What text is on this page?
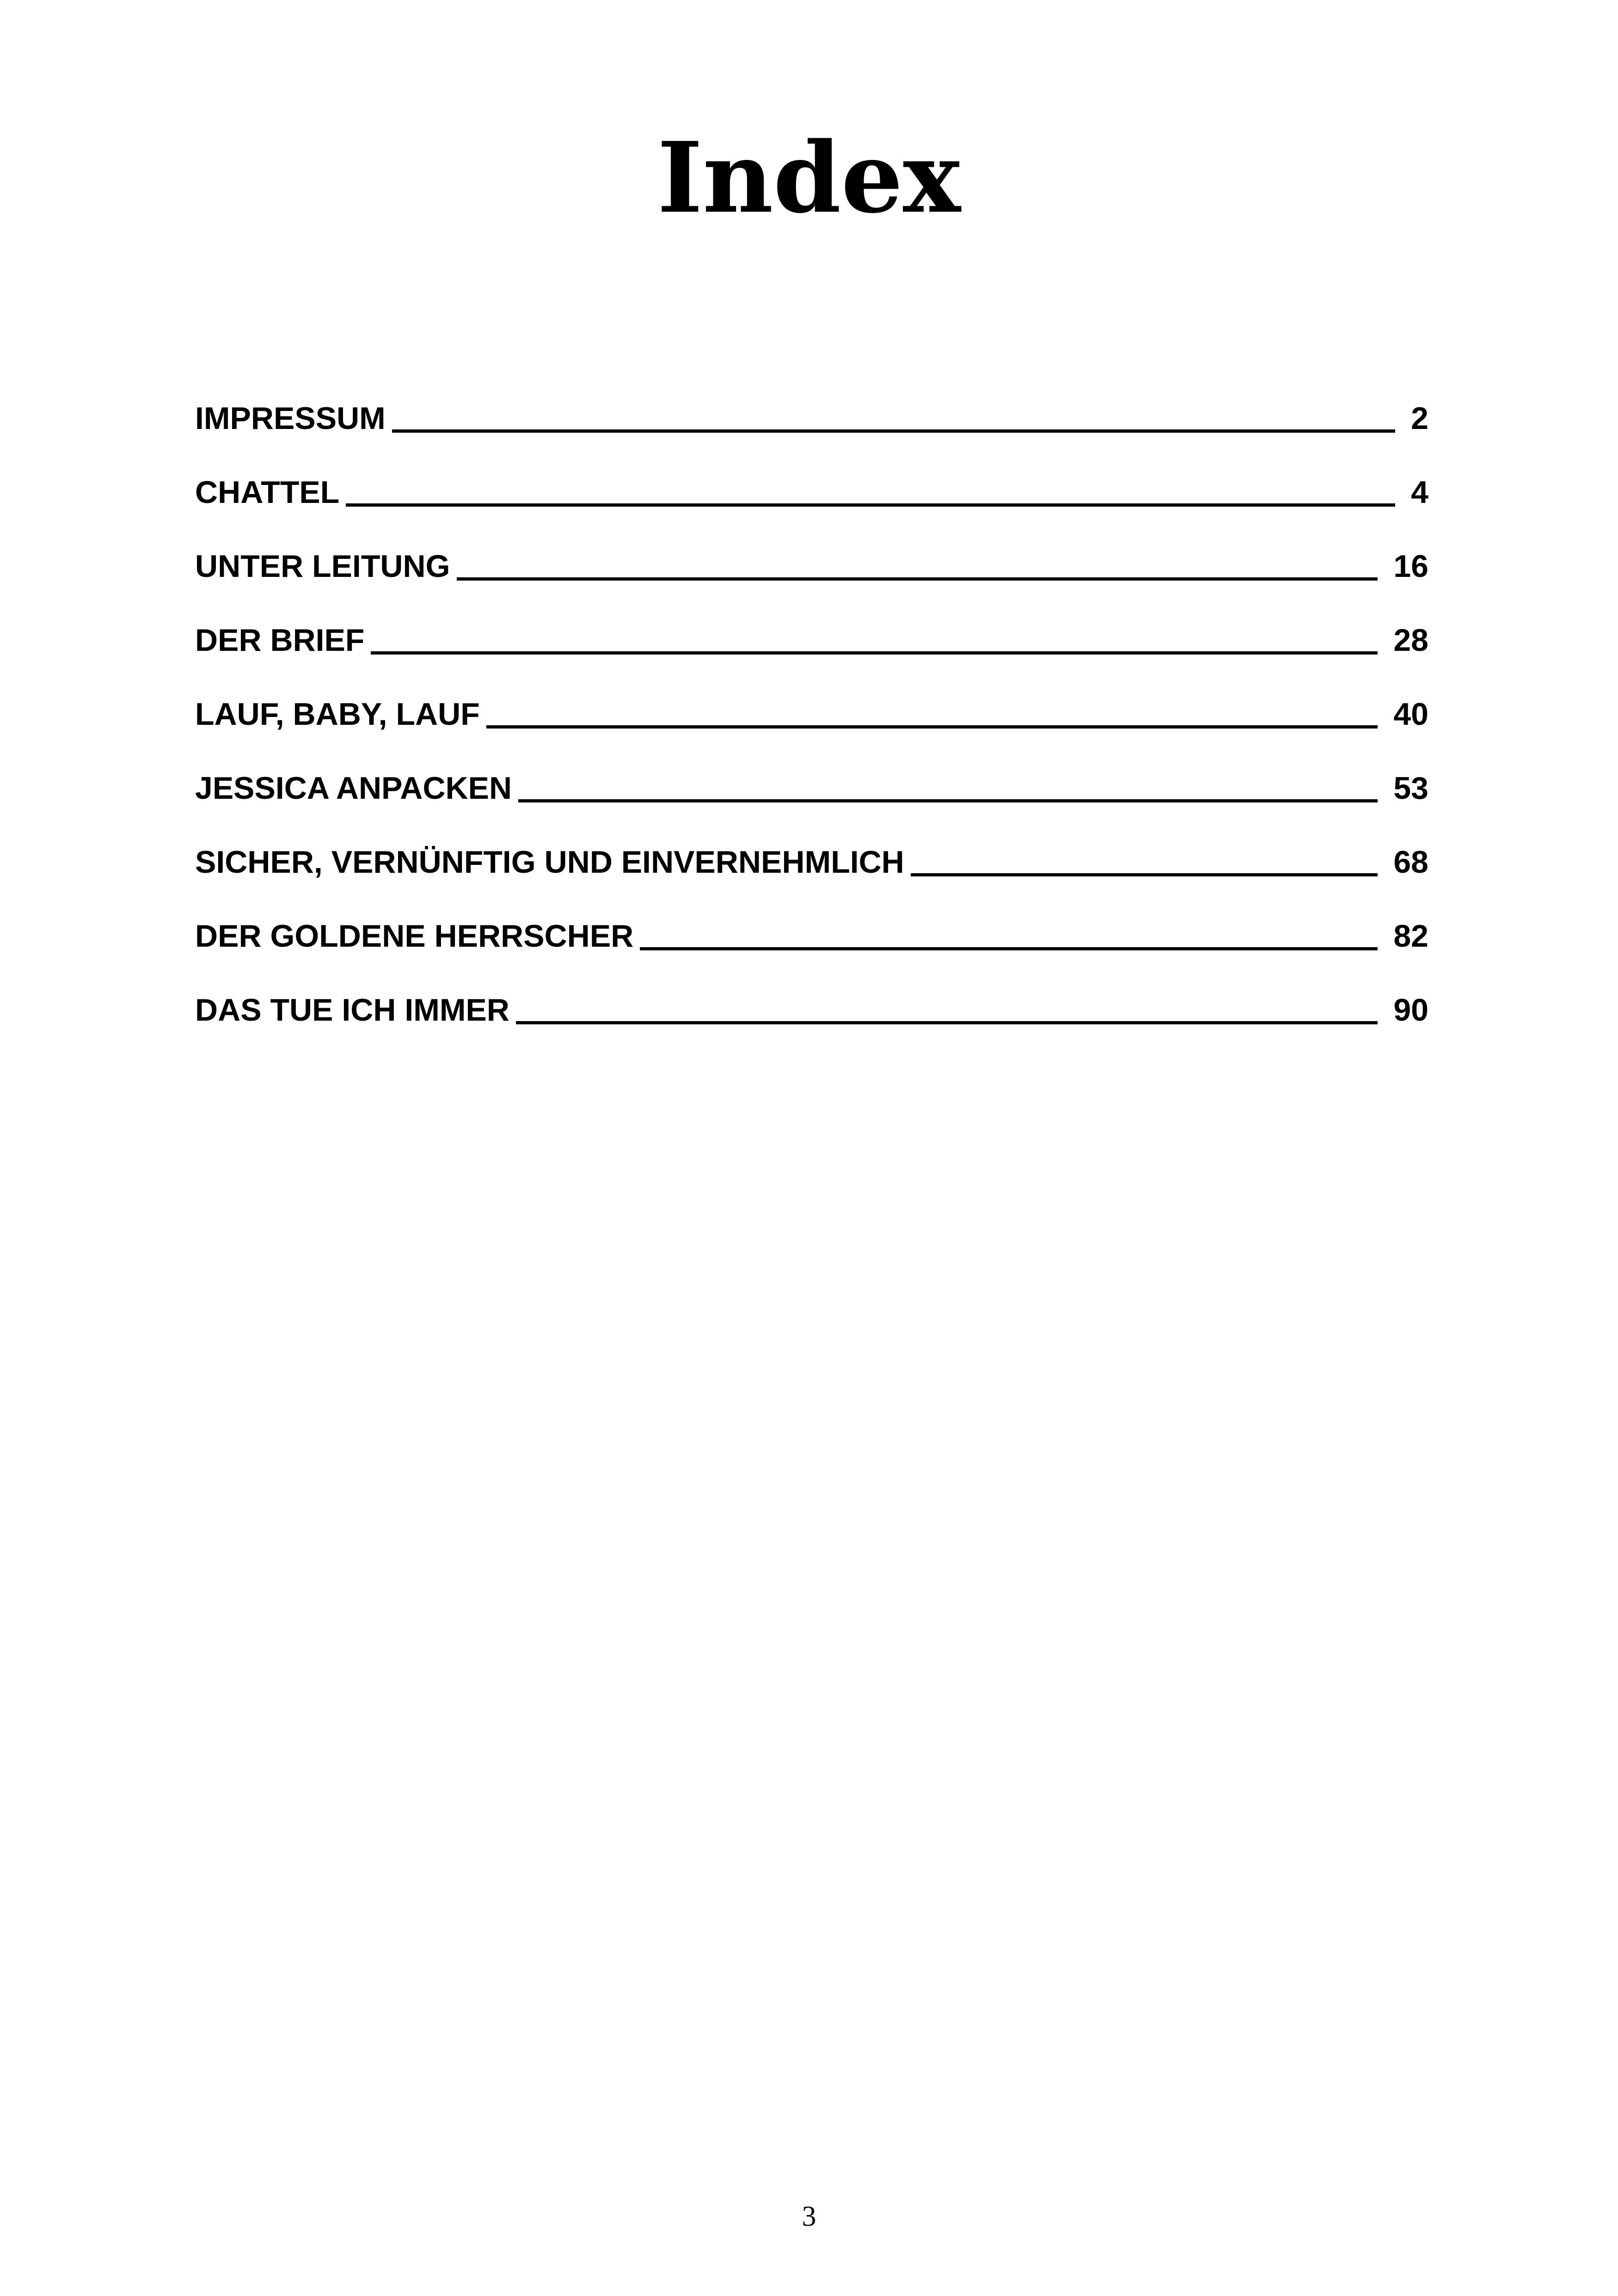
Index
IMPRESSUM	2
CHATTEL	4
UNTER LEITUNG	16
DER BRIEF	28
LAUF, BABY, LAUF	40
JESSICA ANPACKEN	53
SICHER, VERNÜNFTIG UND EINVERNEHMLICH	68
DER GOLDENE HERRSCHER	82
DAS TUE ICH IMMER	90
3
